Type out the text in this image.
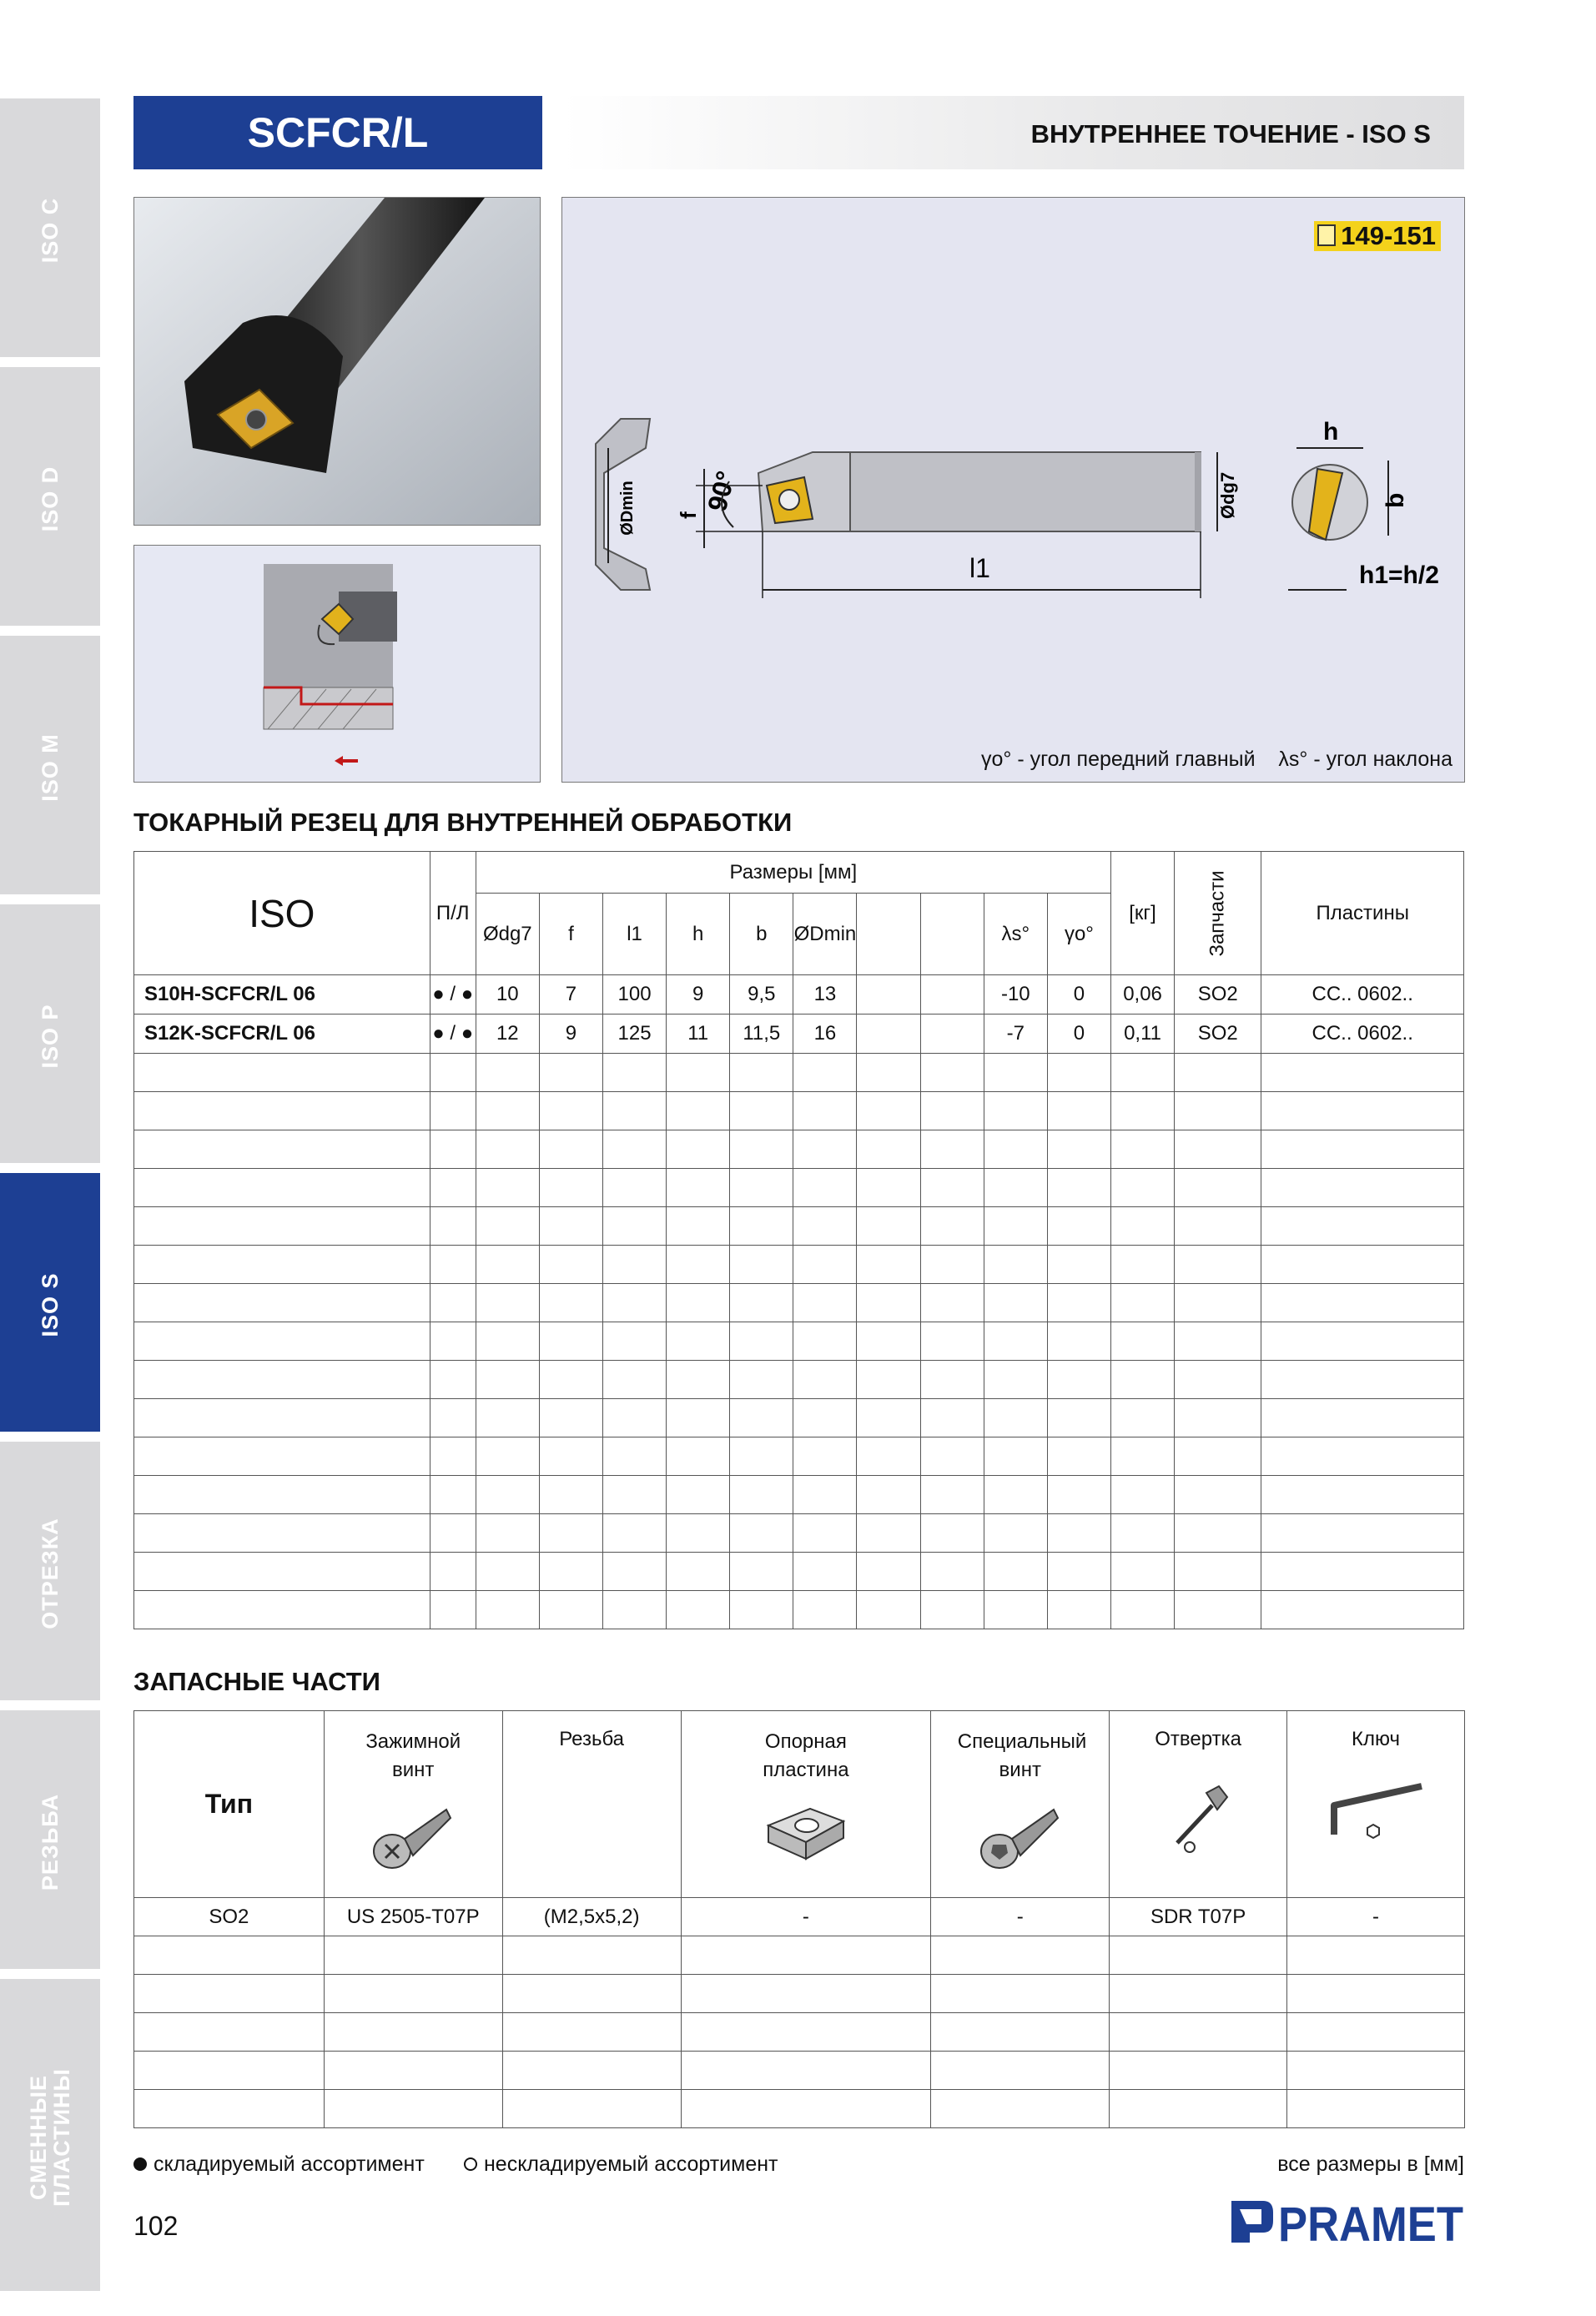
ISO C
ISO D
ISO M
ISO P
ISO S
ОТРЕЗКА
РЕЗЬБА
СМЕННЫЕ ПЛАСТИНЫ
SCFCR/L	ВНУТРЕННЕЕ ТОЧЕНИЕ - ISO S
149-151
ØDmin f
90°
l1
Ødg7
h
b
h1=h/2
γo° - угол передний главный λs° - угол наклона
ТОКАРНЫЙ РЕЗЕЦ ДЛЯ ВНУТРЕННЕЙ ОБРАБОТКИ
ISO	П/Л	Размеры [мм]										[кг]	Запчасти	Пластины
		Ødg7	f	l1	h	b	ØDmin			λs°	γo°			
S10H-SCFCR/L 06	● / ●	10	7	100	9	9,5	13			-10	0	0,06	SO2	CC.. 0602..
S12K-SCFCR/L 06	● / ●	12	9	125	11	11,5	16			-7	0	0,11	SO2	CC.. 0602..

ЗАПАСНЫЕ ЧАСТИ
Тип	Зажимной винт	Резьба	Опорная пластина	Специальный винт	Отвертка	Ключ

SO2	US 2505-T07P	(M2,5x5,2)	-	-	SDR T07P	-

складируемый ассортимент	нескладируемый ассортимент	все размеры в [мм]
102	PRAMET
